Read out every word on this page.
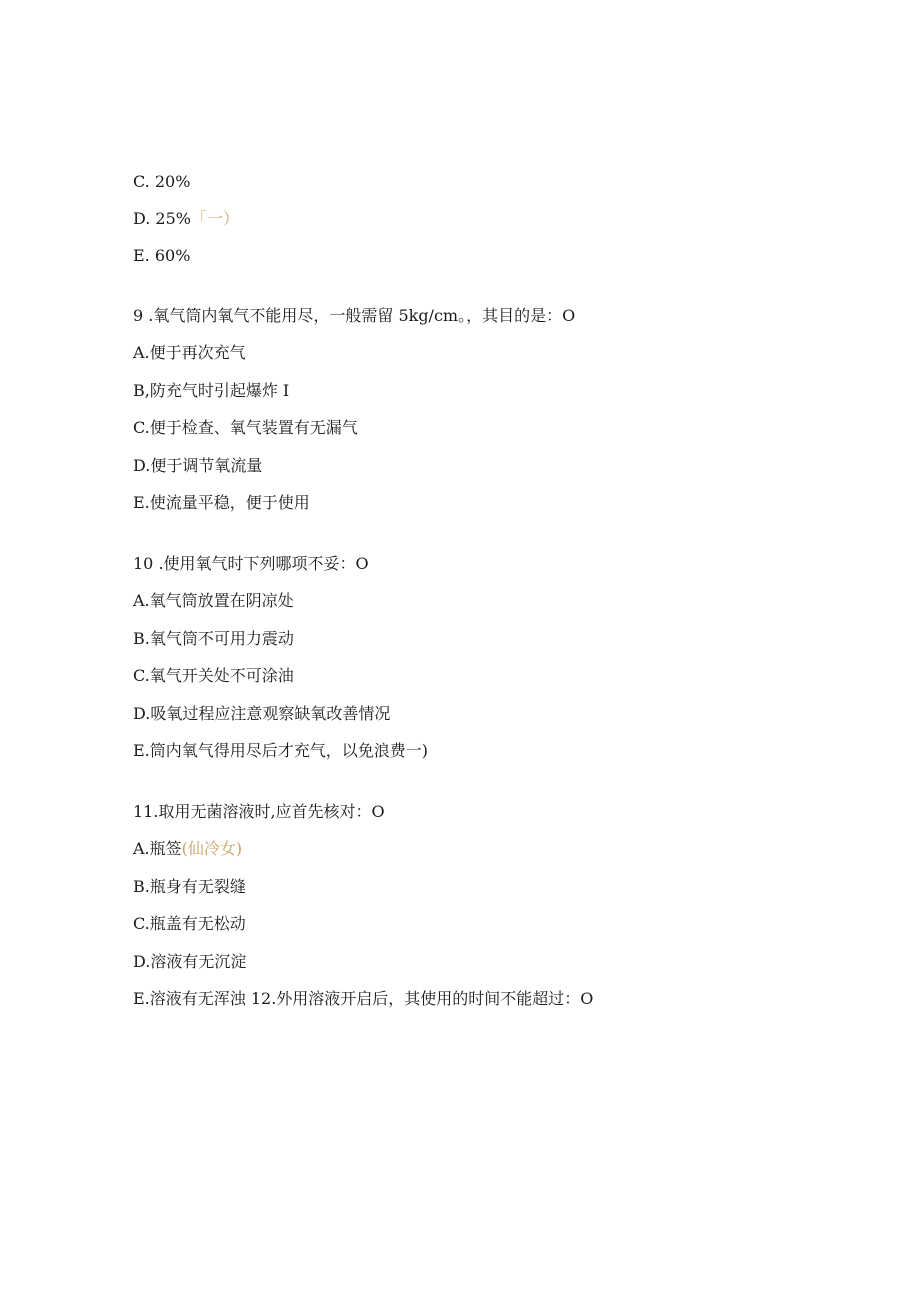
C. 20%
D. 25%「一）
E. 60%
9 .氧气筒内氧气不能用尽，一般需留 5kg/cm。，其目的是：O
A.便于再次充气
B,防充气时引起爆炸 I
C.便于检查、氧气装置有无漏气
D.便于调节氧流量
E.使流量平稳，便于使用
10 .使用氧气时下列哪项不妥：O
A.氧气筒放置在阴凉处
B.氧气筒不可用力震动
C.氧气开关处不可涂油
D.吸氧过程应注意观察缺氧改善情况
E.筒内氧气得用尽后才充气，以免浪费一)
11.取用无菌溶液时,应首先核对：O
A.瓶签(仙冷女)
B.瓶身有无裂缝
C.瓶盖有无松动
D.溶液有无沉淀
E.溶液有无浑浊 12.外用溶液开启后，其使用的时间不能超过：O
